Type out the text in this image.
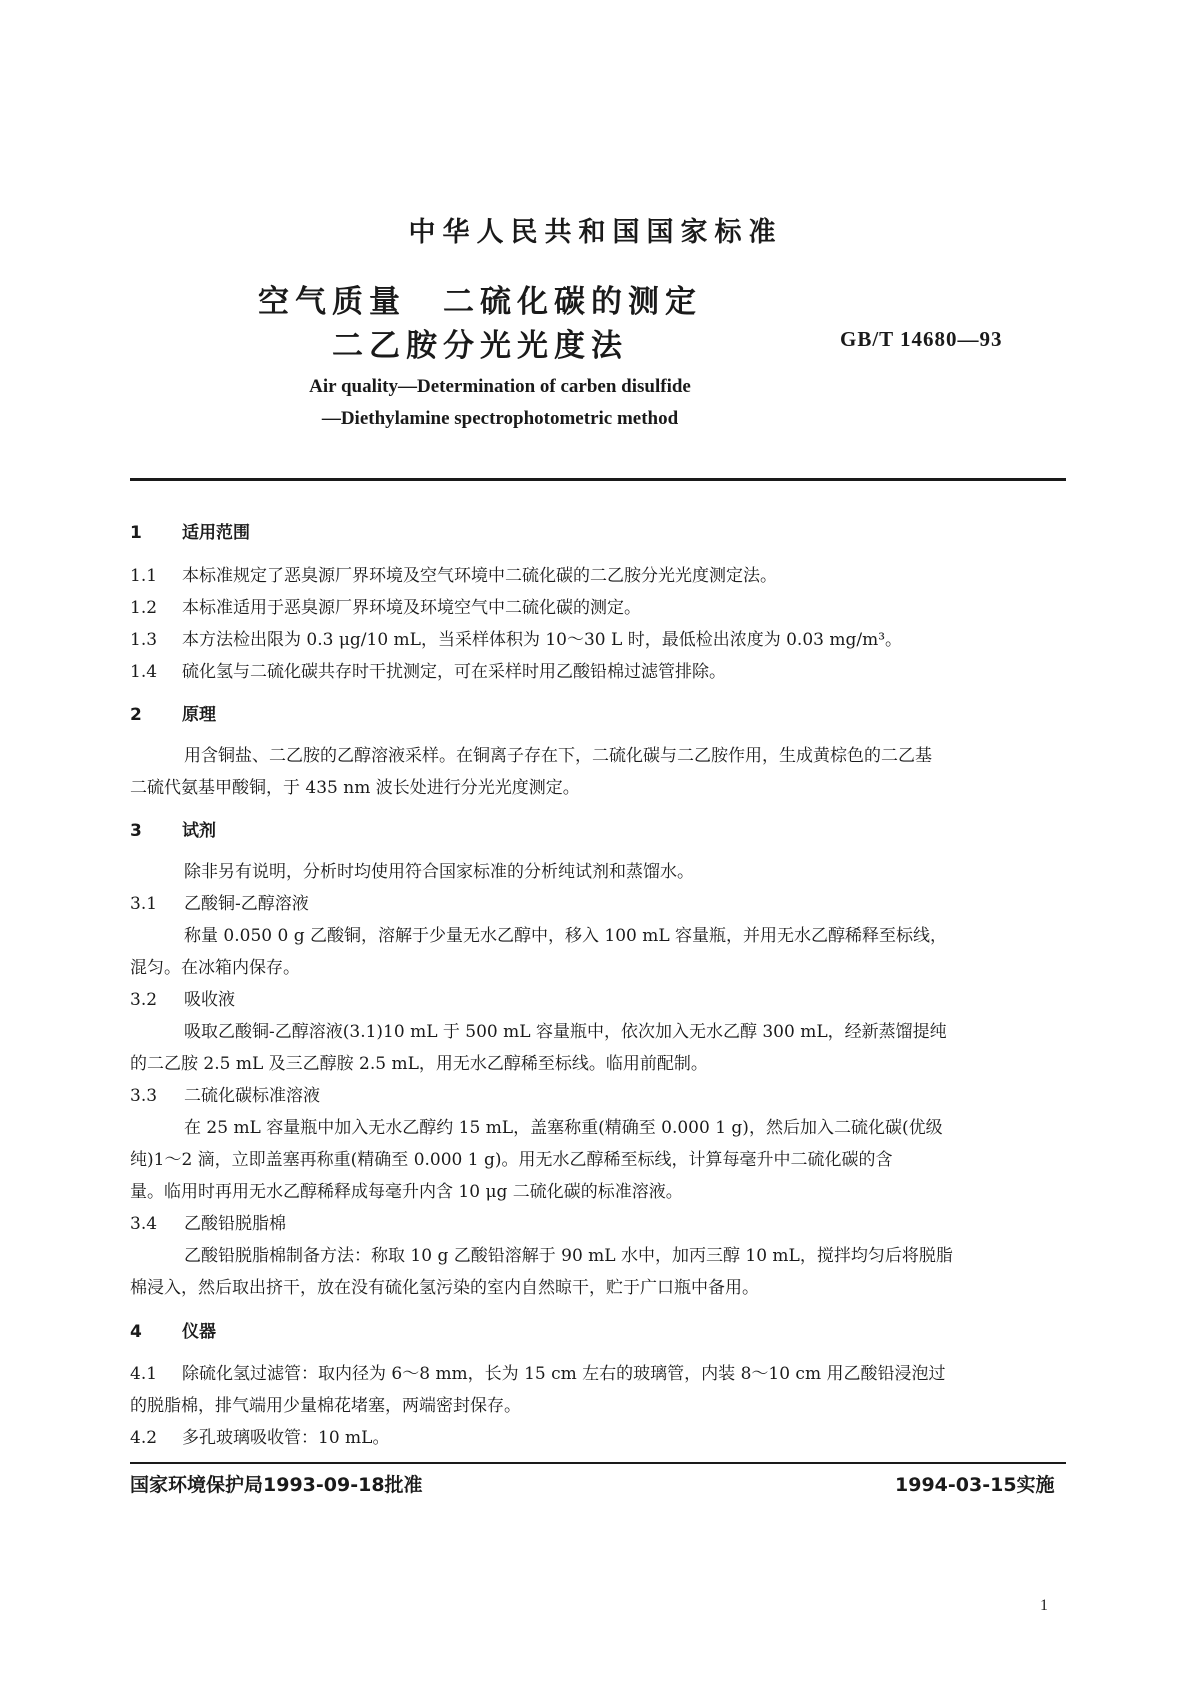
中华人民共和国国家标准
空气质量　二硫化碳的测定
二乙胺分光光度法	GB/T 14680—93
Air quality—Determination of carben disulfide
—Diethylamine spectrophotometric method
1 适用范围
1.1 本标准规定了恶臭源厂界环境及空气环境中二硫化碳的二乙胺分光光度测定法。
1.2 本标准适用于恶臭源厂界环境及环境空气中二硫化碳的测定。
1.3 本方法检出限为 0.3 μg/10 mL，当采样体积为 10～30 L 时，最低检出浓度为 0.03 mg/m³。
1.4 硫化氢与二硫化碳共存时干扰测定，可在采样时用乙酸铅棉过滤管排除。
2 原理
用含铜盐、二乙胺的乙醇溶液采样。在铜离子存在下，二硫化碳与二乙胺作用，生成黄棕色的二乙基
二硫代氨基甲酸铜，于 435 nm 波长处进行分光光度测定。
3 试剂
除非另有说明，分析时均使用符合国家标准的分析纯试剂和蒸馏水。
3.1 乙酸铜-乙醇溶液
称量 0.050 0 g 乙酸铜，溶解于少量无水乙醇中，移入 100 mL 容量瓶，并用无水乙醇稀释至标线，
混匀。在冰箱内保存。
3.2 吸收液
吸取乙酸铜-乙醇溶液(3.1)10 mL 于 500 mL 容量瓶中，依次加入无水乙醇 300 mL，经新蒸馏提纯
的二乙胺 2.5 mL 及三乙醇胺 2.5 mL，用无水乙醇稀至标线。临用前配制。
3.3 二硫化碳标准溶液
在 25 mL 容量瓶中加入无水乙醇约 15 mL，盖塞称重(精确至 0.000 1 g)，然后加入二硫化碳(优级
纯)1～2 滴，立即盖塞再称重(精确至 0.000 1 g)。用无水乙醇稀至标线，计算每毫升中二硫化碳的含
量。临用时再用无水乙醇稀释成每毫升内含 10 μg 二硫化碳的标准溶液。
3.4 乙酸铅脱脂棉
乙酸铅脱脂棉制备方法：称取 10 g 乙酸铅溶解于 90 mL 水中，加丙三醇 10 mL，搅拌均匀后将脱脂
棉浸入，然后取出挤干，放在没有硫化氢污染的室内自然晾干，贮于广口瓶中备用。
4 仪器
4.1 除硫化氢过滤管：取内径为 6～8 mm，长为 15 cm 左右的玻璃管，内装 8～10 cm 用乙酸铅浸泡过
的脱脂棉，排气端用少量棉花堵塞，两端密封保存。
4.2 多孔玻璃吸收管：10 mL。
国家环境保护局1993-09-18批准	1994-03-15实施
1
